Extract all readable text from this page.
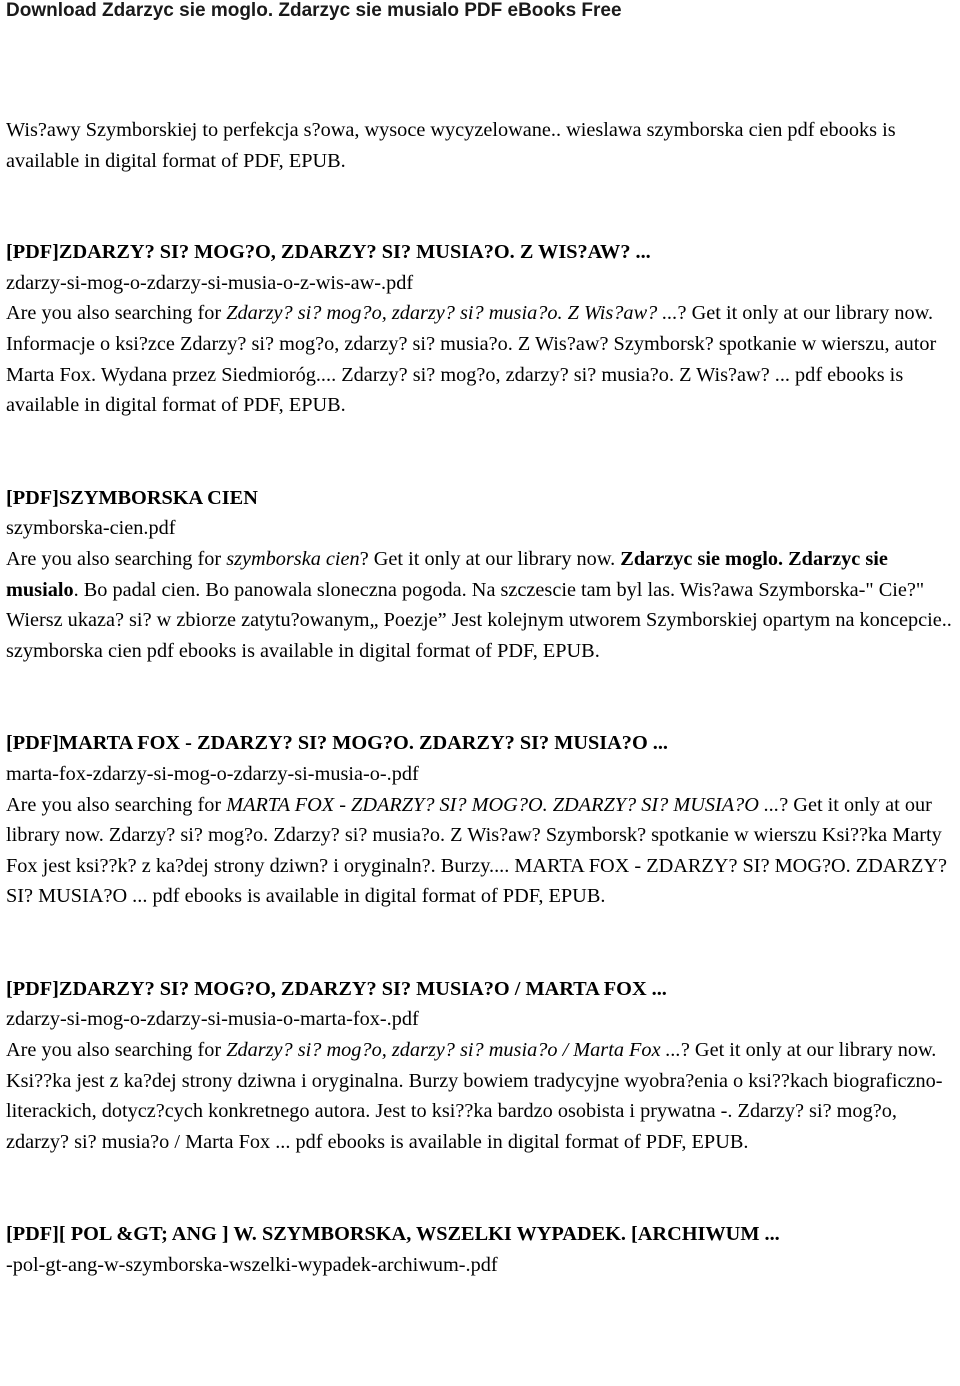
Download Zdarzyc sie moglo. Zdarzyc sie musialo PDF eBooks Free

Wis?awy Szymborskiej to perfekcja s?owa, wysoce wycyzelowane.. wieslawa szymborska cien pdf ebooks is available in digital format of PDF, EPUB.

[PDF]ZDARZY? SI? MOG?O, ZDARZY? SI? MUSIA?O. Z WIS?AW? ...

zdarzy-si-mog-o-zdarzy-si-musia-o-z-wis-aw-.pdf

Are you also searching for Zdarzy? si? mog?o, zdarzy? si? musia?o. Z Wis?aw? ...? Get it only at our library now. Informacje o ksi?zce Zdarzy? si? mog?o, zdarzy? si? musia?o. Z Wis?aw? Szymborsk? spotkanie w wierszu, autor Marta Fox. Wydana przez Siedmioróg.... Zdarzy? si? mog?o, zdarzy? si? musia?o. Z Wis?aw? ... pdf ebooks is available in digital format of PDF, EPUB.

[PDF]SZYMBORSKA CIEN

szymborska-cien.pdf

Are you also searching for szymborska cien? Get it only at our library now. Zdarzyc sie moglo. Zdarzyc sie musialo. Bo padal cien. Bo panowala sloneczna pogoda. Na szczescie tam byl las. Wis?awa Szymborska-" Cie?" Wiersz ukaza? si? w zbiorze zatytu?owanym„ Poezje” Jest kolejnym utworem Szymborskiej opartym na koncepcie.. szymborska cien pdf ebooks is available in digital format of PDF, EPUB.

[PDF]MARTA FOX - ZDARZY? SI? MOG?O. ZDARZY? SI? MUSIA?O ...

marta-fox-zdarzy-si-mog-o-zdarzy-si-musia-o-.pdf

Are you also searching for MARTA FOX - ZDARZY? SI? MOG?O. ZDARZY? SI? MUSIA?O ...? Get it only at our library now. Zdarzy? si? mog?o. Zdarzy? si? musia?o. Z Wis?aw? Szymborsk? spotkanie w wierszu Ksi??ka Marty Fox jest ksi??k? z ka?dej strony dziwn? i oryginaln?. Burzy.... MARTA FOX - ZDARZY? SI? MOG?O. ZDARZY? SI? MUSIA?O ... pdf ebooks is available in digital format of PDF, EPUB.

[PDF]ZDARZY? SI? MOG?O, ZDARZY? SI? MUSIA?O / MARTA FOX ...

zdarzy-si-mog-o-zdarzy-si-musia-o-marta-fox-.pdf

Are you also searching for Zdarzy? si? mog?o, zdarzy? si? musia?o / Marta Fox ...? Get it only at our library now. Ksi??ka jest z ka?dej strony dziwna i oryginalna. Burzy bowiem tradycyjne wyobra?enia o ksi??kach biograficzno-literackich, dotycz?cych konkretnego autora. Jest to ksi??ka bardzo osobista i prywatna -. Zdarzy? si? mog?o, zdarzy? si? musia?o / Marta Fox ... pdf ebooks is available in digital format of PDF, EPUB.

[PDF][ POL &GT; ANG ] W. SZYMBORSKA, WSZELKI WYPADEK. [ARCHIWUM ...

-pol-gt-ang-w-szymborska-wszelki-wypadek-archiwum-.pdf
